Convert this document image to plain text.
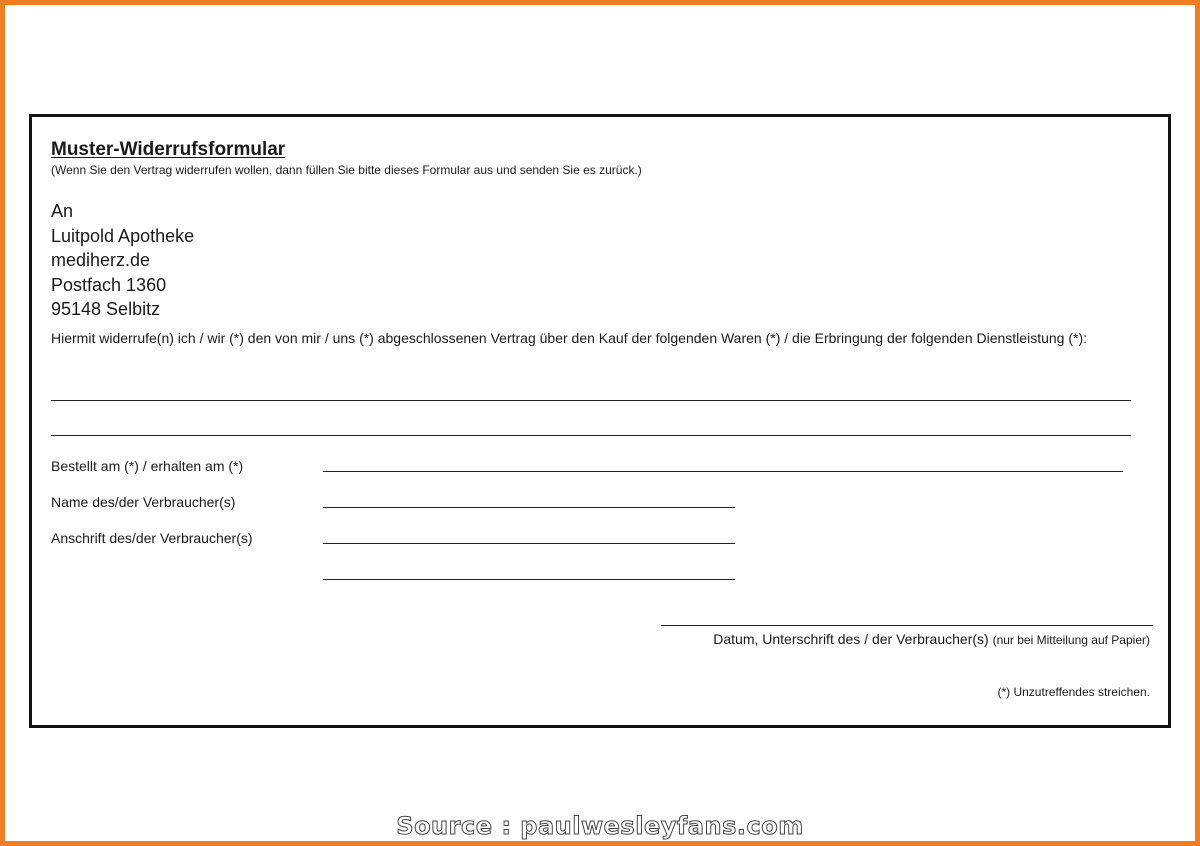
Muster-Widerrufsformular
(Wenn Sie den Vertrag widerrufen wollen, dann füllen Sie bitte dieses Formular aus und senden Sie es zurück.)
An
Luitpold Apotheke
mediherz.de
Postfach 1360
95148 Selbitz
Hiermit widerrufe(n) ich / wir (*) den von mir / uns (*) abgeschlossenen Vertrag über den Kauf der folgenden Waren (*) / die Erbringung der folgenden Dienstleistung (*):
Bestellt am (*) / erhalten am (*)
Name des/der Verbraucher(s)
Anschrift des/der Verbraucher(s)
Datum, Unterschrift des / der Verbraucher(s) (nur bei Mitteilung auf Papier)
(*) Unzutreffendes streichen.
Source : paulwesleyfans.com
